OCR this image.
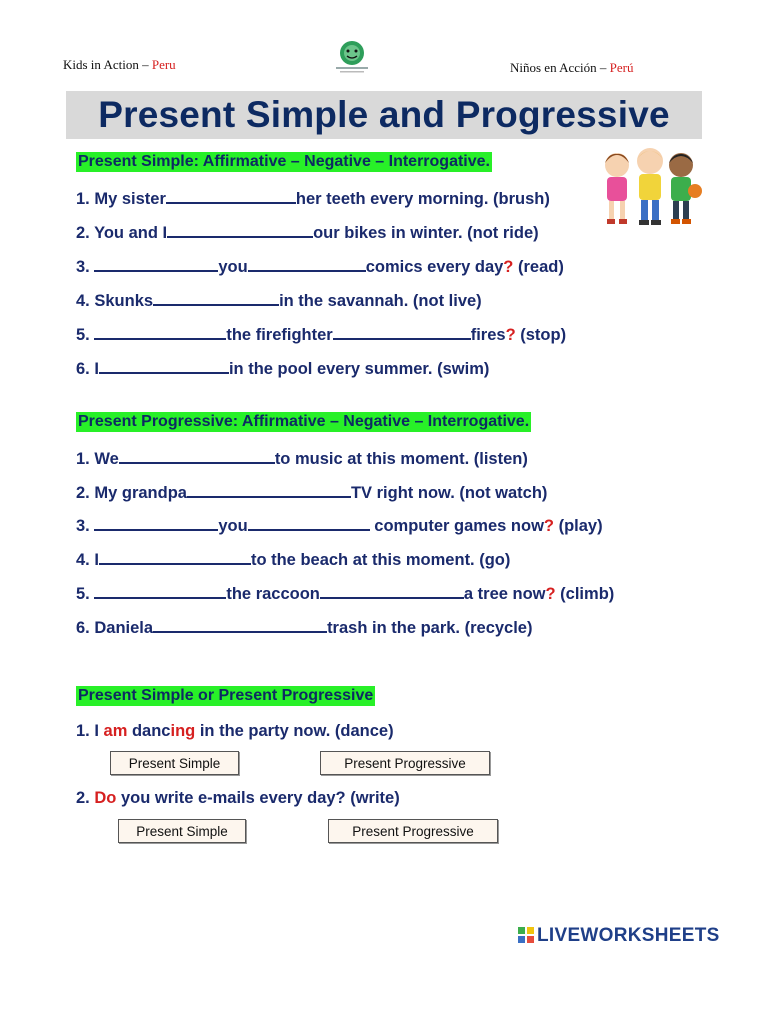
Kids in Action – Peru	Niños en Acción – Perú
Present Simple and Progressive
Present Simple: Affirmative – Negative – Interrogative.
1. My sister	her teeth every morning. (brush)
2. You and I	our bikes in winter. (not ride)
3.	you	comics every day? (read)
4. Skunks	in the savannah. (not live)
5.	the firefighter	fires? (stop)
6. I	in the pool every summer. (swim)
Present Progressive: Affirmative – Negative – Interrogative.
1. We	to music at this moment. (listen)
2. My grandpa	TV right now. (not watch)
3.	you	computer games now? (play)
4. I	to the beach at this moment. (go)
5.	the raccoon	a tree now? (climb)
6. Daniela	trash in the park. (recycle)
Present Simple or Present Progressive
1. I am dancing in the party now. (dance)
Present Simple	Present Progressive
2. Do you write e-mails every day? (write)
Present Simple	Present Progressive
LIVEWORKSHEETS
